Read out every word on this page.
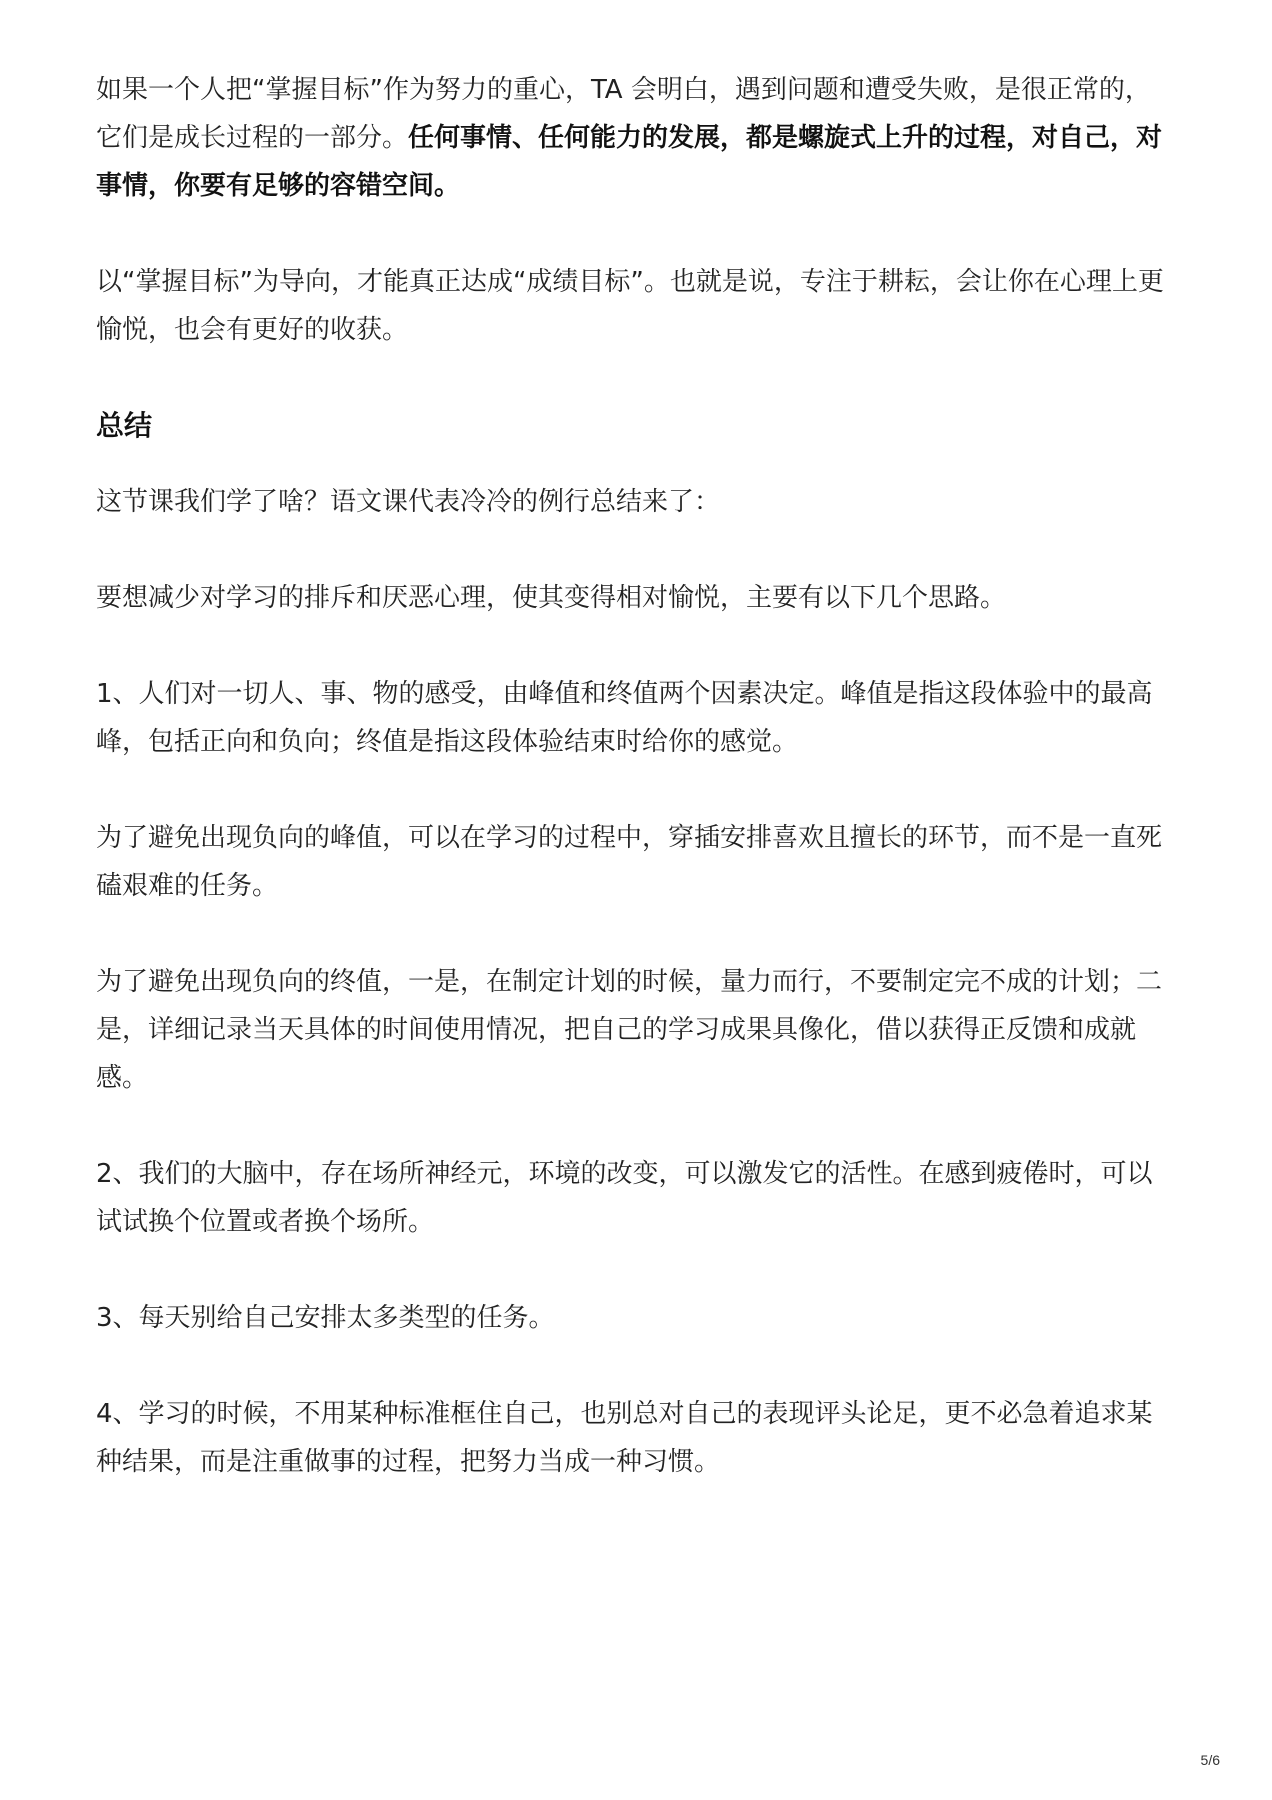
如果一个人把“掌握目标”作为努力的重心，TA 会明白，遇到问题和遭受失败，是很正常的，它们是成长过程的一部分。任何事情、任何能力的发展，都是螺旋式上升的过程，对自己，对事情，你要有足够的容错空间。

以“掌握目标”为导向，才能真正达成“成绩目标”。也就是说，专注于耕耘，会让你在心理上更愉悦，也会有更好的收获。

总结

这节课我们学了啥？语文课代表冷冷的例行总结来了：

要想减少对学习的排斥和厌恶心理，使其变得相对愉悦，主要有以下几个思路。

1、人们对一切人、事、物的感受，由峰值和终值两个因素决定。峰值是指这段体验中的最高峰，包括正向和负向；终值是指这段体验结束时给你的感觉。

为了避免出现负向的峰值，可以在学习的过程中，穿插安排喜欢且擅长的环节，而不是一直死磕艰难的任务。

为了避免出现负向的终值，一是，在制定计划的时候，量力而行，不要制定完不成的计划；二是，详细记录当天具体的时间使用情况，把自己的学习成果具像化，借以获得正反馈和成就感。

2、我们的大脑中，存在场所神经元，环境的改变，可以激发它的活性。在感到疲倦时，可以试试换个位置或者换个场所。

3、每天别给自己安排太多类型的任务。

4、学习的时候，不用某种标准框住自己，也别总对自己的表现评头论足，更不必急着追求某种结果，而是注重做事的过程，把努力当成一种习惯。

5/6
